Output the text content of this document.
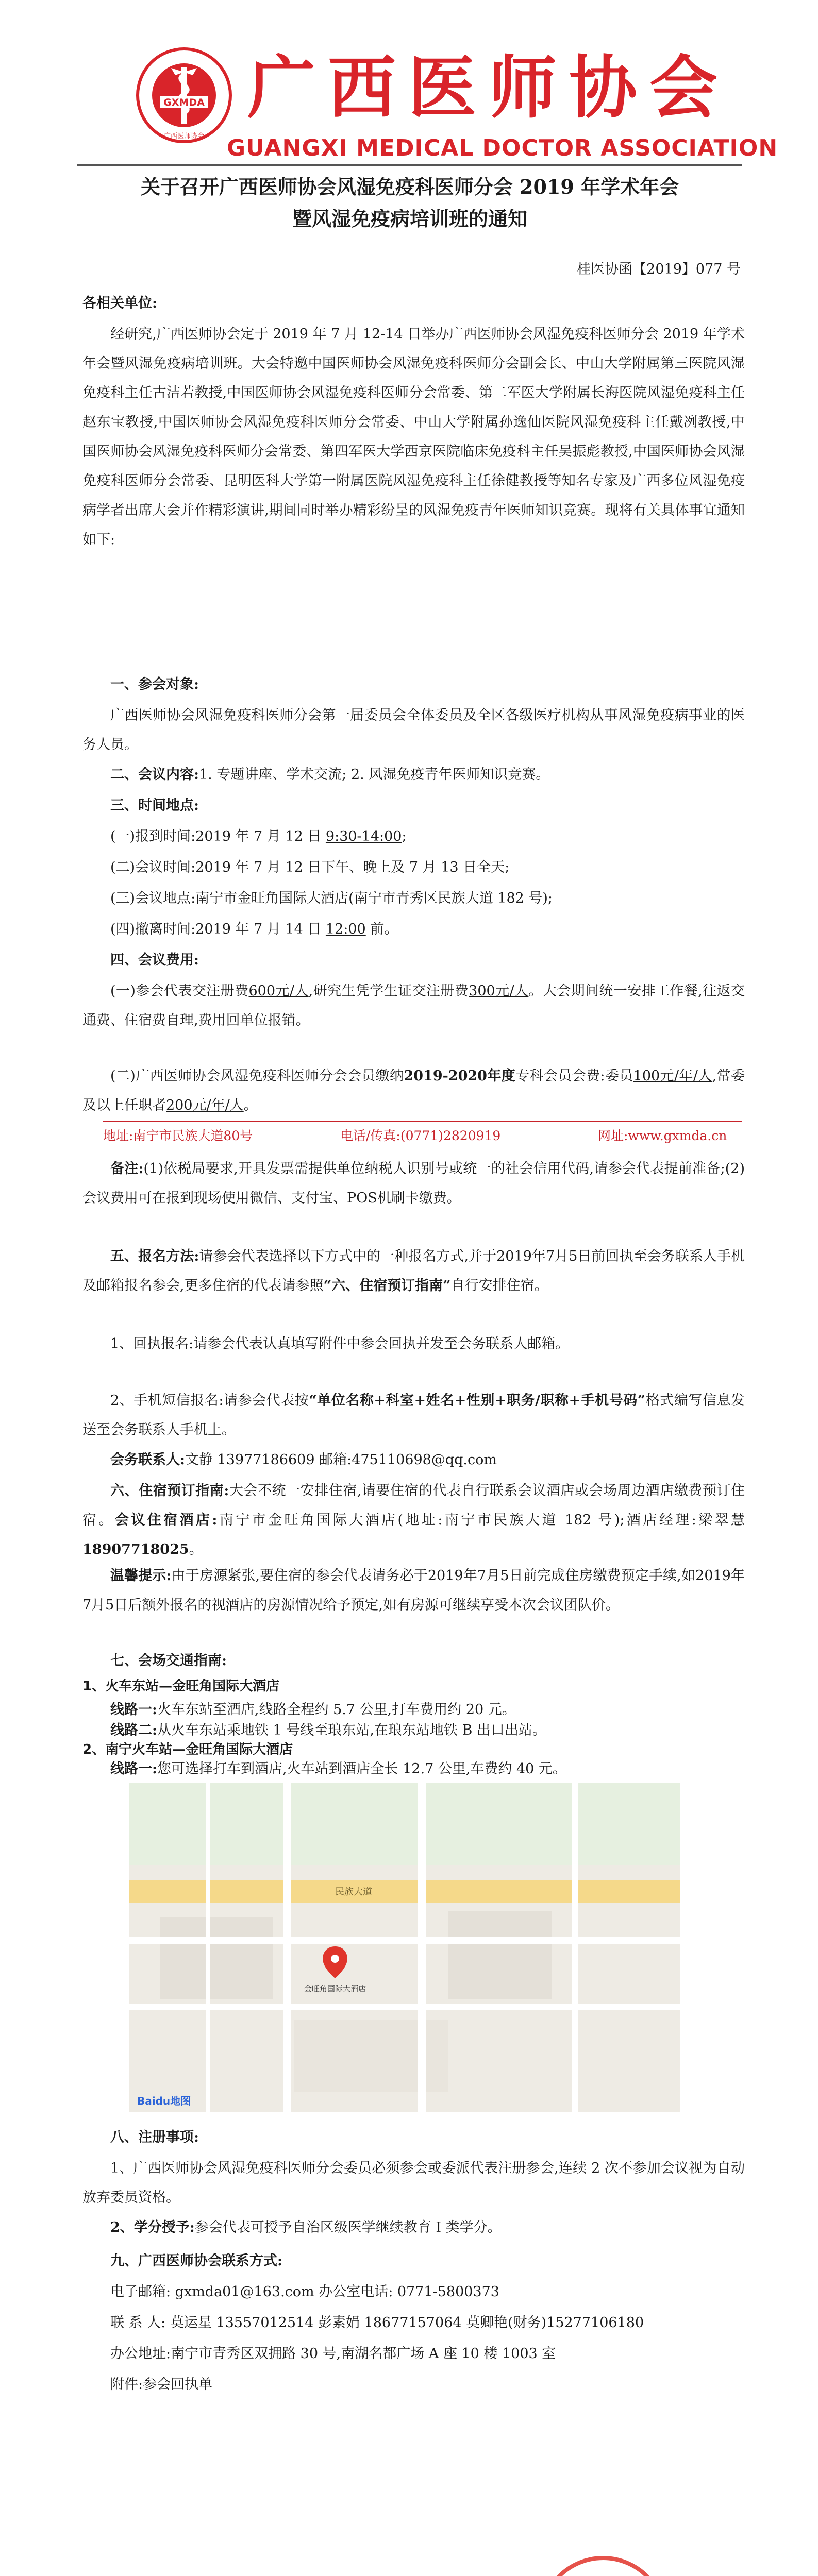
GXMDA
广西医师协会
广西医师协会
GUANGXI MEDICAL DOCTOR ASSOCIATION
关于召开广西医师协会风湿免疫科医师分会 2019 年学术年会
暨风湿免疫病培训班的通知
桂医协函【2019】077 号
各相关单位:
经研究,广西医师协会定于 2019 年 7 月 12-14 日举办广西医师协会风湿免疫科医师分会 2019 年学术年会暨风湿免疫病培训班。大会特邀中国医师协会风湿免疫科医师分会副会长、中山大学附属第三医院风湿免疫科主任古洁若教授,中国医师协会风湿免疫科医师分会常委、第二军医大学附属长海医院风湿免疫科主任赵东宝教授,中国医师协会风湿免疫科医师分会常委、中山大学附属孙逸仙医院风湿免疫科主任戴冽教授,中国医师协会风湿免疫科医师分会常委、第四军医大学西京医院临床免疫科主任吴振彪教授,中国医师协会风湿免疫科医师分会常委、昆明医科大学第一附属医院风湿免疫科主任徐健教授等知名专家及广西多位风湿免疫病学者出席大会并作精彩演讲,期间同时举办精彩纷呈的风湿免疫青年医师知识竞赛。现将有关具体事宜通知如下:
一、参会对象:
广西医师协会风湿免疫科医师分会第一届委员会全体委员及全区各级医疗机构从事风湿免疫病事业的医务人员。
二、会议内容:1. 专题讲座、学术交流; 2. 风湿免疫青年医师知识竞赛。
三、时间地点:
(一)报到时间:2019 年 7 月 12 日 9:30-14:00;
(二)会议时间:2019 年 7 月 12 日下午、晚上及 7 月 13 日全天;
(三)会议地点:南宁市金旺角国际大酒店(南宁市青秀区民族大道 182 号);
(四)撤离时间:2019 年 7 月 14 日 12:00 前。
四、会议费用:
(一)参会代表交注册费600元/人,研究生凭学生证交注册费300元/人。大会期间统一安排工作餐,往返交通费、住宿费自理,费用回单位报销。
(二)广西医师协会风湿免疫科医师分会会员缴纳2019-2020年度专科会员会费:委员100元/年/人,常委及以上任职者200元/年/人。
地址:南宁市民族大道80号	电话/传真:(0771)2820919	网址:www.gxmda.cn
备注:(1)依税局要求,开具发票需提供单位纳税人识别号或统一的社会信用代码,请参会代表提前准备;(2)会议费用可在报到现场使用微信、支付宝、POS机刷卡缴费。
五、报名方法:请参会代表选择以下方式中的一种报名方式,并于2019年7月5日前回执至会务联系人手机及邮箱报名参会,更多住宿的代表请参照“六、住宿预订指南”自行安排住宿。
1、回执报名:请参会代表认真填写附件中参会回执并发至会务联系人邮箱。
2、手机短信报名:请参会代表按“单位名称+科室+姓名+性别+职务/职称+手机号码”格式编写信息发送至会务联系人手机上。
会务联系人:文静 13977186609 邮箱:475110698@qq.com
六、住宿预订指南:大会不统一安排住宿,请要住宿的代表自行联系会议酒店或会场周边酒店缴费预订住宿。会议住宿酒店:南宁市金旺角国际大酒店(地址:南宁市民族大道 182 号);酒店经理:梁翠慧 18907718025。
温馨提示:由于房源紧张,要住宿的参会代表请务必于2019年7月5日前完成住房缴费预定手续,如2019年7月5日后额外报名的视酒店的房源情况给予预定,如有房源可继续享受本次会议团队价。
七、会场交通指南:
1、火车东站—金旺角国际大酒店
线路一:火车东站至酒店,线路全程约 5.7 公里,打车费用约 20 元。
线路二:从火车东站乘地铁 1 号线至琅东站,在琅东站地铁 B 出口出站。
2、南宁火车站—金旺角国际大酒店
线路一:您可选择打车到酒店,火车站到酒店全长 12.7 公里,车费约 40 元。
民族大道
金旺角国际大酒店
Baidu地图
八、注册事项:
1、广西医师协会风湿免疫科医师分会委员必须参会或委派代表注册参会,连续 2 次不参加会议视为自动放弃委员资格。
2、学分授予:参会代表可授予自治区级医学继续教育 I 类学分。
九、广西医师协会联系方式:
电子邮箱: gxmda01@163.com 办公室电话: 0771-5800373
联 系 人: 莫运星 13557012514 彭素娟 18677157064 莫卿艳(财务)15277106180
办公地址:南宁市青秀区双拥路 30 号,南湖名都广场 A 座 10 楼 1003 室
附件:参会回执单
